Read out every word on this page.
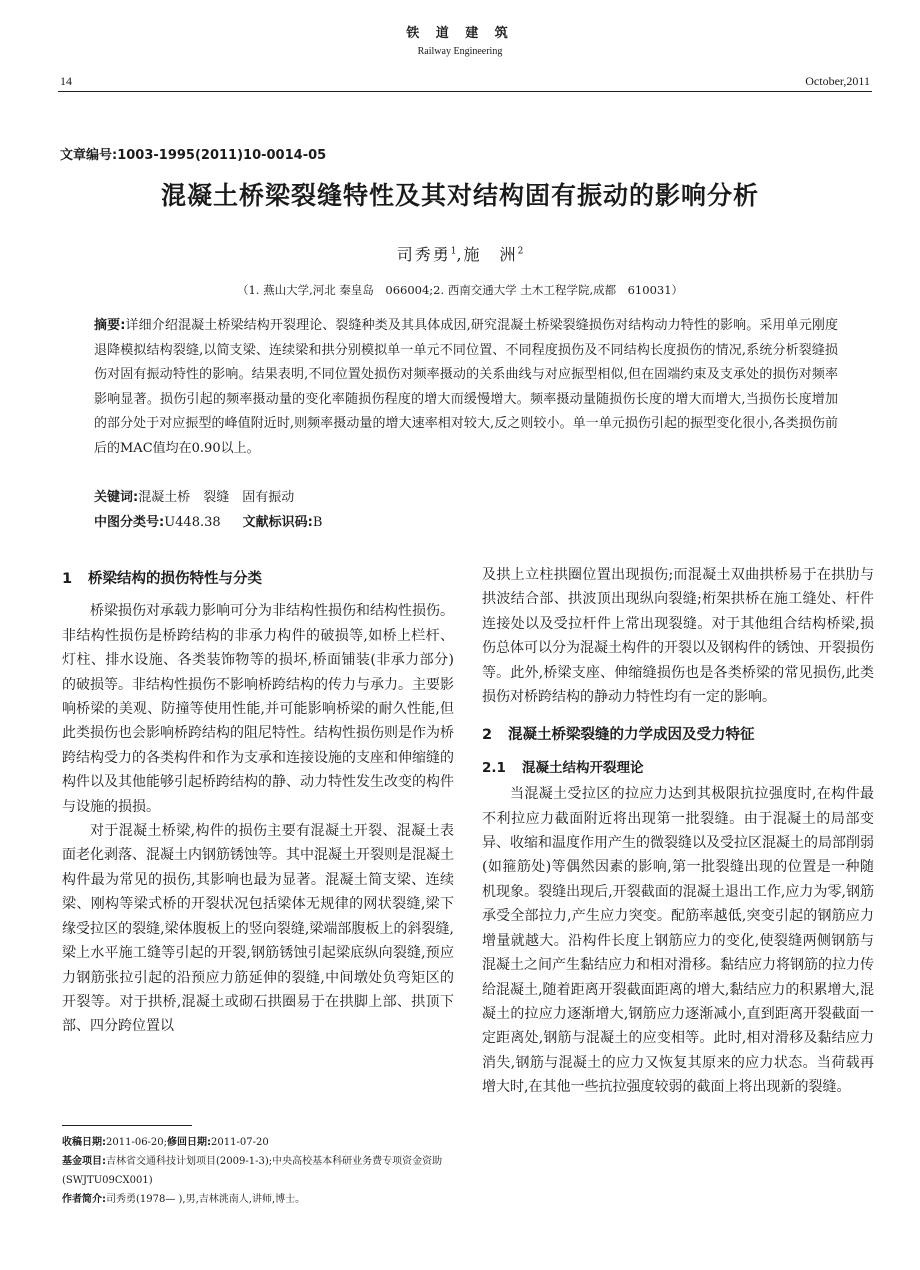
铁 道 建 筑
Railway Engineering
14	October,2011
文章编号:1003-1995(2011)10-0014-05
混凝土桥梁裂缝特性及其对结构固有振动的影响分析
司秀勇$^1$,施　洲$^2$
（1. 燕山大学,河北 秦皇岛　066004;2. 西南交通大学 土木工程学院,成都　610031）
摘要:详细介绍混凝土桥梁结构开裂理论、裂缝种类及其具体成因,研究混凝土桥梁裂缝损伤对结构动力特性的影响。采用单元刚度退降模拟结构裂缝,以简支梁、连续梁和拱分别模拟单一单元不同位置、不同程度损伤及不同结构长度损伤的情况,系统分析裂缝损伤对固有振动特性的影响。结果表明,不同位置处损伤对频率摄动的关系曲线与对应振型相似,但在固端约束及支承处的损伤对频率影响显著。损伤引起的频率摄动量的变化率随损伤程度的增大而缓慢增大。频率摄动量随损伤长度的增大而增大,当损伤长度增加的部分处于对应振型的峰值附近时,则频率摄动量的增大速率相对较大,反之则较小。单一单元损伤引起的振型变化很小,各类损伤前后的MAC值均在0.90以上。
关键词:混凝土桥　裂缝　固有振动
中图分类号:U448.38 文献标识码:B
1 桥梁结构的损伤特性与分类

桥梁损伤对承载力影响可分为非结构性损伤和结构性损伤。非结构性损伤是桥跨结构的非承力构件的破损等,如桥上栏杆、灯柱、排水设施、各类装饰物等的损坏,桥面铺装(非承力部分)的破损等。非结构性损伤不影响桥跨结构的传力与承力。主要影响桥梁的美观、防撞等使用性能,并可能影响桥梁的耐久性能,但此类损伤也会影响桥跨结构的阻尼特性。结构性损伤则是作为桥跨结构受力的各类构件和作为支承和连接设施的支座和伸缩缝的构件以及其他能够引起桥跨结构的静、动力特性发生改变的构件与设施的损损。

对于混凝土桥梁,构件的损伤主要有混凝土开裂、混凝土表面老化剥落、混凝土内钢筋锈蚀等。其中混凝土开裂则是混凝土构件最为常见的损伤,其影响也最为显著。混凝土简支梁、连续梁、刚构等梁式桥的开裂状况包括梁体无规律的网状裂缝,梁下缘受拉区的裂缝,梁体腹板上的竖向裂缝,梁端部腹板上的斜裂缝,梁上水平施工缝等引起的开裂,钢筋锈蚀引起梁底纵向裂缝,预应力钢筋张拉引起的沿预应力筋延伸的裂缝,中间墩处负弯矩区的开裂等。对于拱桥,混凝土或砌石拱圈易于在拱脚上部、拱顶下部、四分跨位置以

及拱上立柱拱圈位置出现损伤;而混凝土双曲拱桥易于在拱肋与拱波结合部、拱波顶出现纵向裂缝;桁架拱桥在施工缝处、杆件连接处以及受拉杆件上常出现裂缝。对于其他组合结构桥梁,损伤总体可以分为混凝土构件的开裂以及钢构件的锈蚀、开裂损伤等。此外,桥梁支座、伸缩缝损伤也是各类桥梁的常见损伤,此类损伤对桥跨结构的静动力特性均有一定的影响。

2 混凝土桥梁裂缝的力学成因及受力特征
2.1 混凝土结构开裂理论

当混凝土受拉区的拉应力达到其极限抗拉强度时,在构件最不利拉应力截面附近将出现第一批裂缝。由于混凝土的局部变异、收缩和温度作用产生的微裂缝以及受拉区混凝土的局部削弱(如箍筋处)等偶然因素的影响,第一批裂缝出现的位置是一种随机现象。裂缝出现后,开裂截面的混凝土退出工作,应力为零,钢筋承受全部拉力,产生应力突变。配筋率越低,突变引起的钢筋应力增量就越大。沿构件长度上钢筋应力的变化,使裂缝两侧钢筋与混凝土之间产生黏结应力和相对滑移。黏结应力将钢筋的拉力传给混凝土,随着距离开裂截面距离的增大,黏结应力的积累增大,混凝土的拉应力逐渐增大,钢筋应力逐渐减小,直到距离开裂截面一定距离处,钢筋与混凝土的应变相等。此时,相对滑移及黏结应力消失,钢筋与混凝土的应力又恢复其原来的应力状态。当荷载再增大时,在其他一些抗拉强度较弱的截面上将出现新的裂缝。

收稿日期:2011-06-20;修回日期:2011-07-20
基金项目:吉林省交通科技计划项目(2009-1-3);中央高校基本科研业务费专项资金资助(SWJTU09CX001)
作者简介:司秀勇(1978— ),男,吉林洮南人,讲师,博士。
